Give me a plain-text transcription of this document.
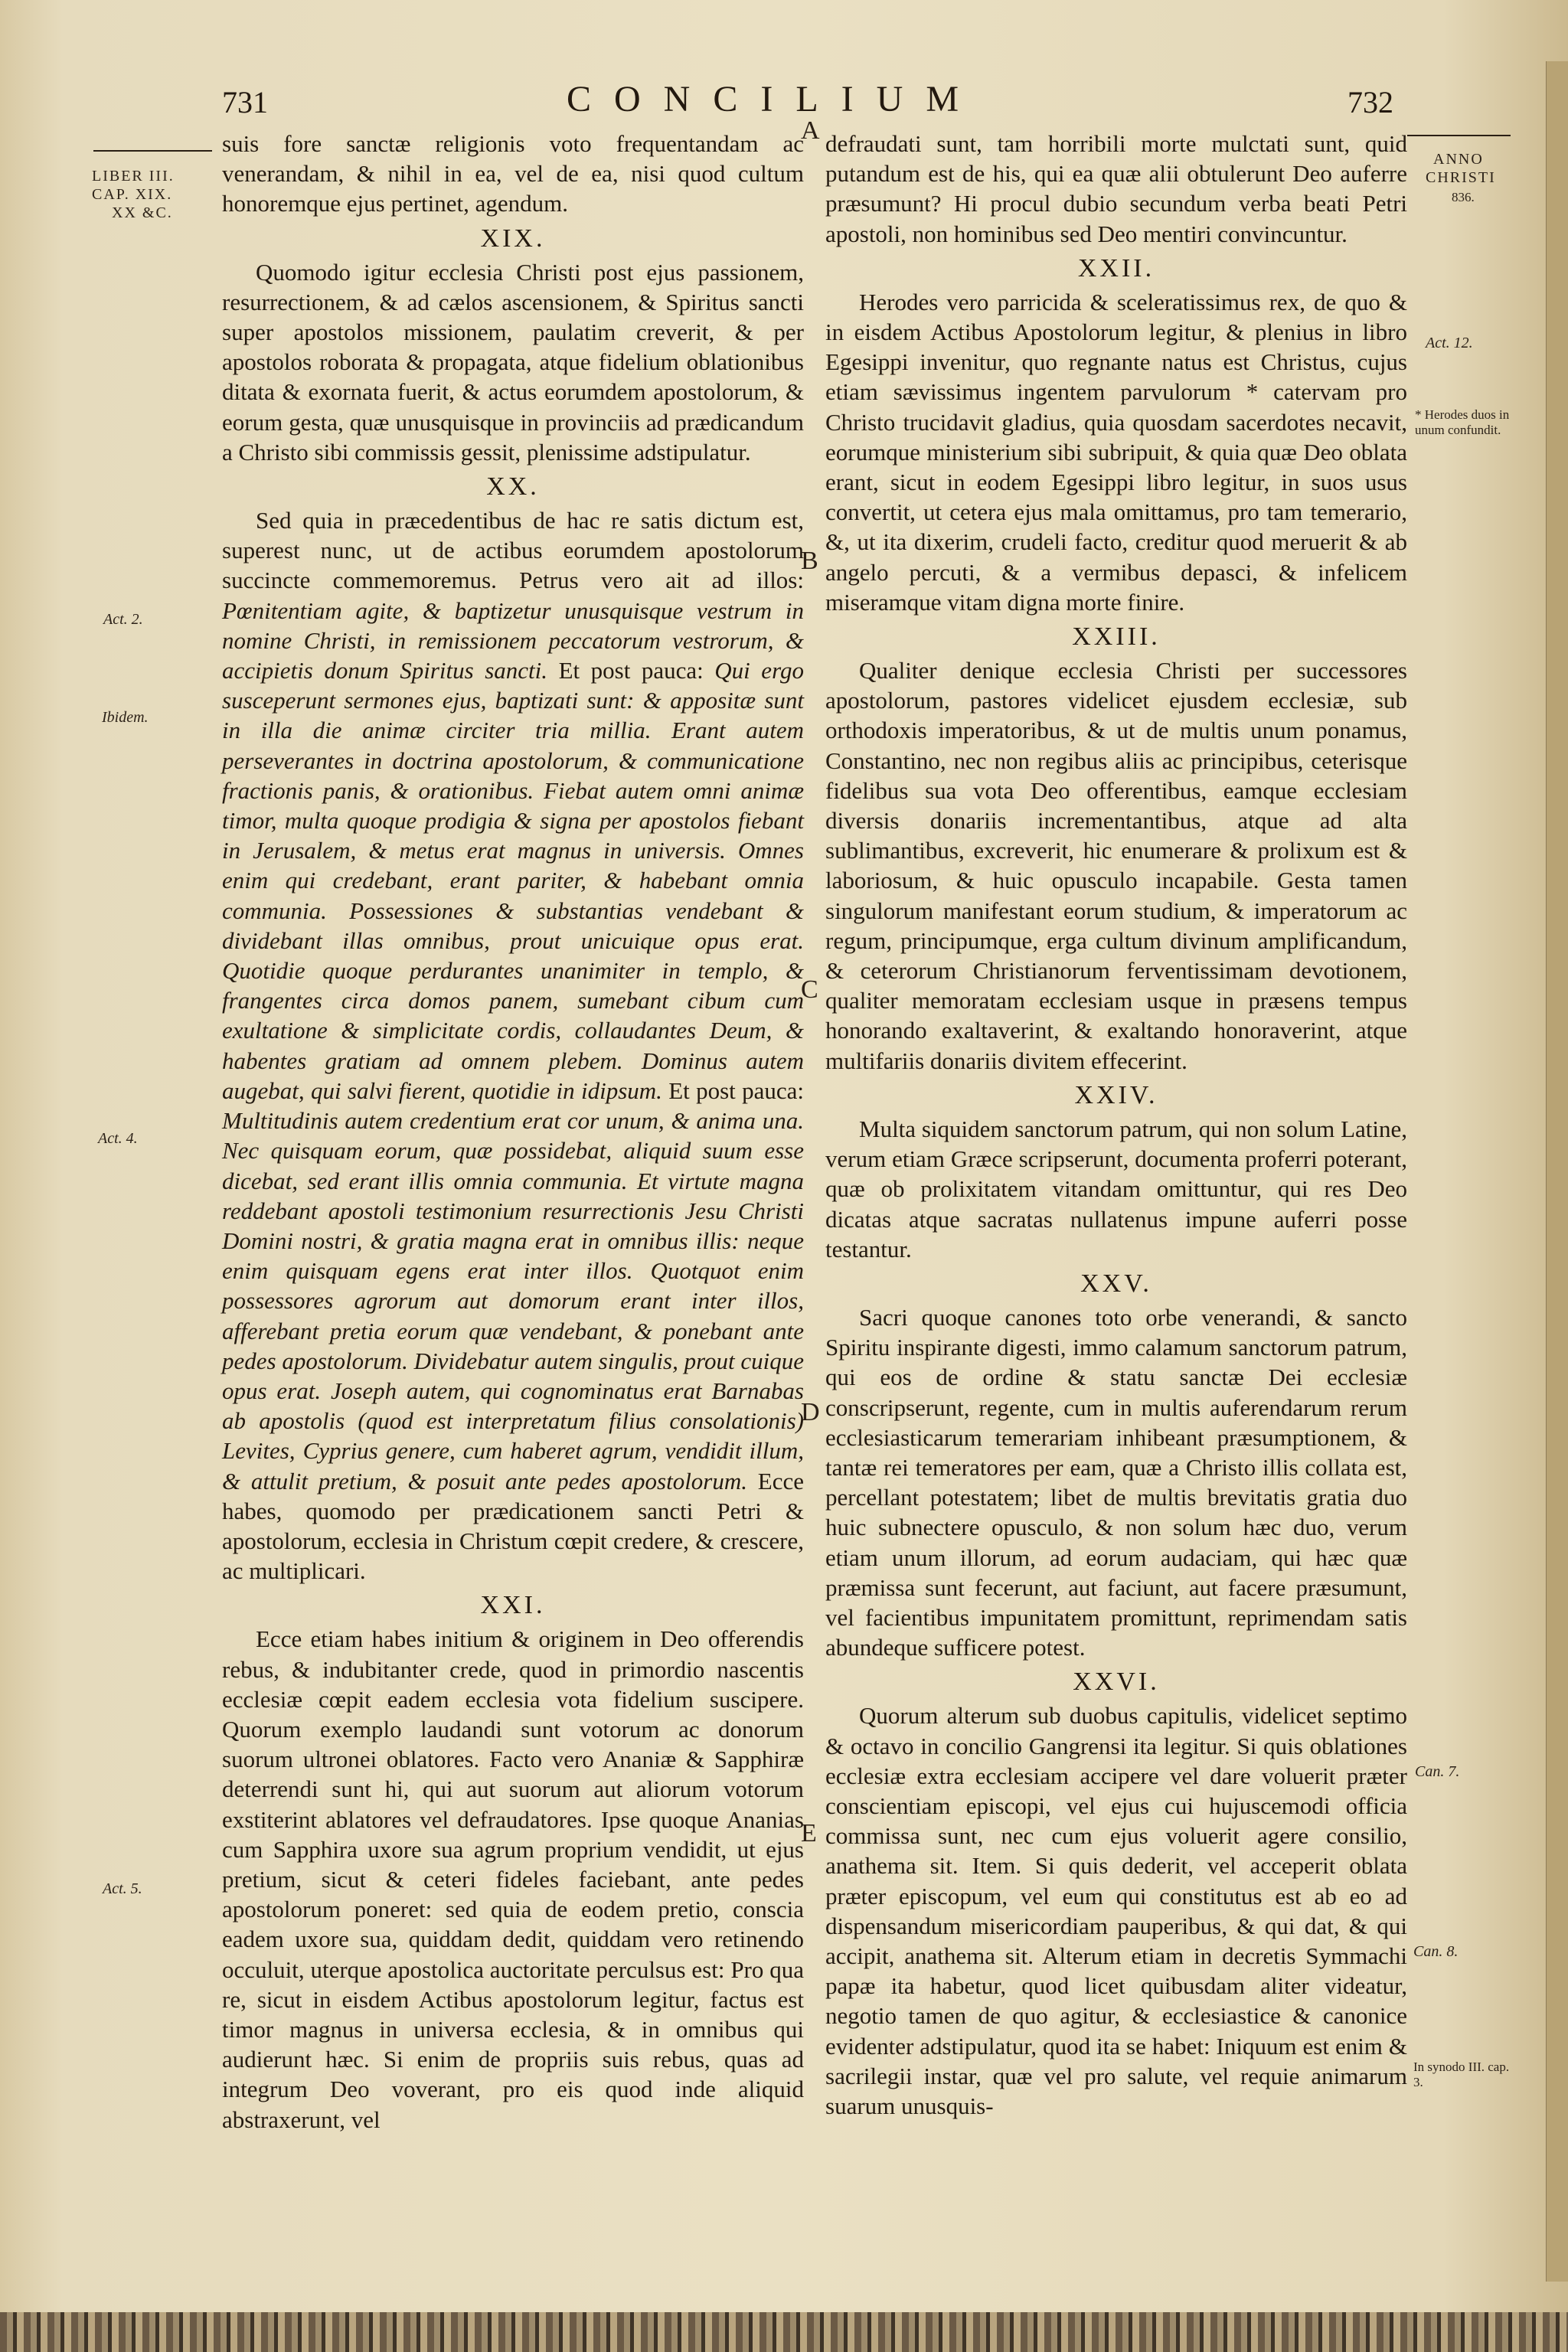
731	CONCILIUM	732
LIBER III.
CAP. XIX.
XX &C.
Act. 2.
Ibidem.
Act. 4.
Act. 5.
ANNO
CHRISTI
836.
Act. 12.
* Herodes duos in unum confundit.
Can. 7.
Can. 8.
In synodo III. cap. 3.
A
B
C
D
E

suis fore sanctæ religionis voto frequentandam ac venerandam, & nihil in ea, vel de ea, nisi quod cultum honoremque ejus pertinet, agendum.

XIX.

Quomodo igitur ecclesia Christi post ejus passionem, resurrectionem, & ad cælos ascensionem, & Spiritus sancti super apostolos missionem, paulatim creverit, & per apostolos roborata & propagata, atque fidelium oblationibus ditata & exornata fuerit, & actus eorumdem apostolorum, & eorum gesta, quæ unusquisque in provinciis ad prædicandum a Christo sibi commissis gessit, plenissime adstipulatur.

XX.

Sed quia in præcedentibus de hac re satis dictum est, superest nunc, ut de actibus eorumdem apostolorum succincte commemoremus. Petrus vero ait ad illos: Pœnitentiam agite, & baptizetur unusquisque vestrum in nomine Christi, in remissionem peccatorum vestrorum, & accipietis donum Spiritus sancti. Et post pauca: Qui ergo susceperunt sermones ejus, baptizati sunt: & appositæ sunt in illa die animæ circiter tria millia. Erant autem perseverantes in doctrina apostolorum, & communicatione fractionis panis, & orationibus. Fiebat autem omni animæ timor, multa quoque prodigia & signa per apostolos fiebant in Jerusalem, & metus erat magnus in universis. Omnes enim qui credebant, erant pariter, & habebant omnia communia. Possessiones & substantias vendebant & dividebant illas omnibus, prout unicuique opus erat. Quotidie quoque perdurantes unanimiter in templo, & frangentes circa domos panem, sumebant cibum cum exultatione & simplicitate cordis, collaudantes Deum, & habentes gratiam ad omnem plebem. Dominus autem augebat, qui salvi fierent, quotidie in idipsum. Et post pauca: Multitudinis autem credentium erat cor unum, & anima una. Nec quisquam eorum, quæ possidebat, aliquid suum esse dicebat, sed erant illis omnia communia. Et virtute magna reddebant apostoli testimonium resurrectionis Jesu Christi Domini nostri, & gratia magna erat in omnibus illis: neque enim quisquam egens erat inter illos. Quotquot enim possessores agrorum aut domorum erant inter illos, afferebant pretia eorum quæ vendebant, & ponebant ante pedes apostolorum. Dividebatur autem singulis, prout cuique opus erat. Joseph autem, qui cognominatus erat Barnabas ab apostolis (quod est interpretatum filius consolationis) Levites, Cyprius genere, cum haberet agrum, vendidit illum, & attulit pretium, & posuit ante pedes apostolorum. Ecce habes, quomodo per prædicationem sancti Petri & apostolorum, ecclesia in Christum cœpit credere, & crescere, ac multiplicari.

XXI.

Ecce etiam habes initium & originem in Deo offerendis rebus, & indubitanter crede, quod in primordio nascentis ecclesiæ cœpit eadem ecclesia vota fidelium suscipere. Quorum exemplo laudandi sunt votorum ac donorum suorum ultronei oblatores. Facto vero Ananiæ & Sapphiræ deterrendi sunt hi, qui aut suorum aut aliorum votorum exstiterint ablatores vel defraudatores. Ipse quoque Ananias cum Sapphira uxore sua agrum proprium vendidit, ut ejus pretium, sicut & ceteri fideles faciebant, ante pedes apostolorum poneret: sed quia de eodem pretio, conscia eadem uxore sua, quiddam dedit, quiddam vero retinendo occuluit, uterque apostolica auctoritate perculsus est: Pro qua re, sicut in eisdem Actibus apostolorum legitur, factus est timor magnus in universa ecclesia, & in omnibus qui audierunt hæc. Si enim de propriis suis rebus, quas ad integrum Deo voverant, pro eis quod inde aliquid abstraxerunt, vel

defraudati sunt, tam horribili morte mulctati sunt, quid putandum est de his, qui ea quæ alii obtulerunt Deo auferre præsumunt? Hi procul dubio secundum verba beati Petri apostoli, non hominibus sed Deo mentiri convincuntur.

XXII.

Herodes vero parricida & sceleratissimus rex, de quo & in eisdem Actibus Apostolorum legitur, & plenius in libro Egesippi invenitur, quo regnante natus est Christus, cujus etiam sævissimus ingentem parvulorum * catervam pro Christo trucidavit gladius, quia quosdam sacerdotes necavit, eorumque ministerium sibi subripuit, & quia quæ Deo oblata erant, sicut in eodem Egesippi libro legitur, in suos usus convertit, ut cetera ejus mala omittamus, pro tam temerario, &, ut ita dixerim, crudeli facto, creditur quod meruerit & ab angelo percuti, & a vermibus depasci, & infelicem miseramque vitam digna morte finire.

XXIII.

Qualiter denique ecclesia Christi per successores apostolorum, pastores videlicet ejusdem ecclesiæ, sub orthodoxis imperatoribus, & ut de multis unum ponamus, Constantino, nec non regibus aliis ac principibus, ceterisque fidelibus sua vota Deo offerentibus, eamque ecclesiam diversis donariis incrementantibus, atque ad alta sublimantibus, excreverit, hic enumerare & prolixum est & laboriosum, & huic opusculo incapabile. Gesta tamen singulorum manifestant eorum studium, & imperatorum ac regum, principumque, erga cultum divinum amplificandum, & ceterorum Christianorum ferventissimam devotionem, qualiter memoratam ecclesiam usque in præsens tempus honorando exaltaverint, & exaltando honoraverint, atque multifariis donariis divitem effecerint.

XXIV.

Multa siquidem sanctorum patrum, qui non solum Latine, verum etiam Græce scripserunt, documenta proferri poterant, quæ ob prolixitatem vitandam omittuntur, qui res Deo dicatas atque sacratas nullatenus impune auferri posse testantur.

XXV.

Sacri quoque canones toto orbe venerandi, & sancto Spiritu inspirante digesti, immo calamum sanctorum patrum, qui eos de ordine & statu sanctæ Dei ecclesiæ conscripserunt, regente, cum in multis auferendarum rerum ecclesiasticarum temerariam inhibeant præsumptionem, & tantæ rei temeratores per eam, quæ a Christo illis collata est, percellant potestatem; libet de multis brevitatis gratia duo huic subnectere opusculo, & non solum hæc duo, verum etiam unum illorum, ad eorum audaciam, qui hæc quæ præmissa sunt fecerunt, aut faciunt, aut facere præsumunt, vel facientibus impunitatem promittunt, reprimendam satis abundeque sufficere potest.

XXVI.

Quorum alterum sub duobus capitulis, videlicet septimo & octavo in concilio Gangrensi ita legitur. Si quis oblationes ecclesiæ extra ecclesiam accipere vel dare voluerit præter conscientiam episcopi, vel ejus cui hujuscemodi officia commissa sunt, nec cum ejus voluerit agere consilio, anathema sit. Item. Si quis dederit, vel acceperit oblata præter episcopum, vel eum qui constitutus est ab eo ad dispensandum misericordiam pauperibus, & qui dat, & qui accipit, anathema sit. Alterum etiam in decretis Symmachi papæ ita habetur, quod licet quibusdam aliter videatur, negotio tamen de quo agitur, & ecclesiastice & canonice evidenter adstipulatur, quod ita se habet: Iniquum est enim & sacrilegii instar, quæ vel pro salute, vel requie animarum suarum unusquis-
